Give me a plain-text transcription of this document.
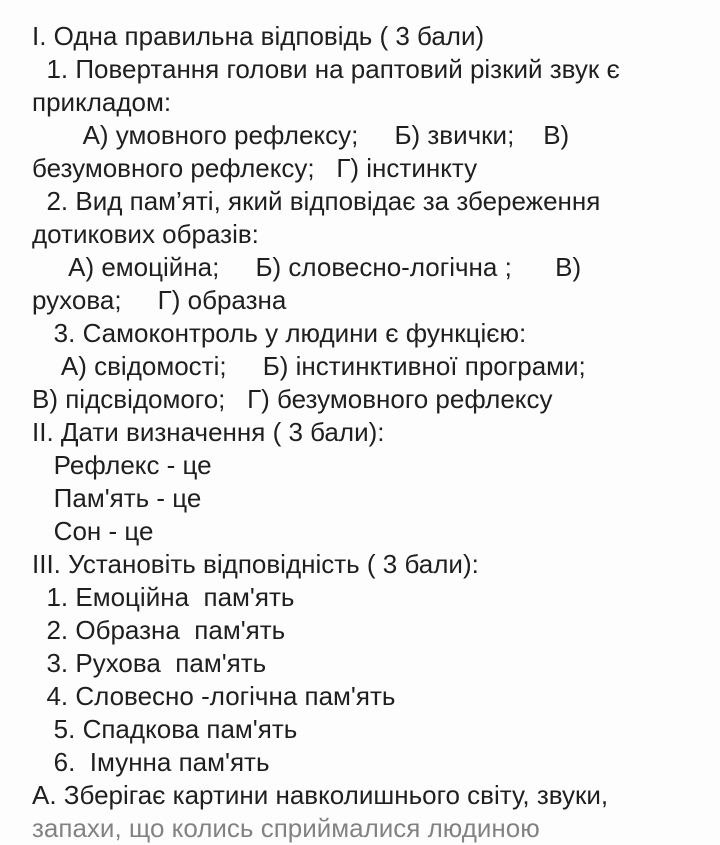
І. Одна правильна відповідь ( 3 бали)
1. Повертання голови на раптовий різкий звук є
прикладом:
А) умовного рефлексу;     Б) звички;    В)
безумовного рефлексу;   Г) інстинкту
2. Вид пам’яті, який відповідає за збереження
дотикових образів:
А) емоційна;     Б) словесно-логічна ;      В)
рухова;     Г) образна
3. Самоконтроль у людини є функцією:
А) свідомості;     Б) інстинктивної програми;
В) підсвідомого;   Г) безумовного рефлексу
ІІ. Дати визначення ( 3 бали):
Рефлекс - це
Пам'ять - це
Сон - це
ІІІ. Установіть відповідність ( 3 бали):
1. Емоційна  пам'ять
2. Образна  пам'ять
3. Рухова  пам'ять
4. Словесно -логічна пам'ять
5. Спадкова пам'ять
6.  Імунна пам'ять
А. Зберігає картини навколишнього світу, звуки,
запахи, що колись сприймалися людиною
